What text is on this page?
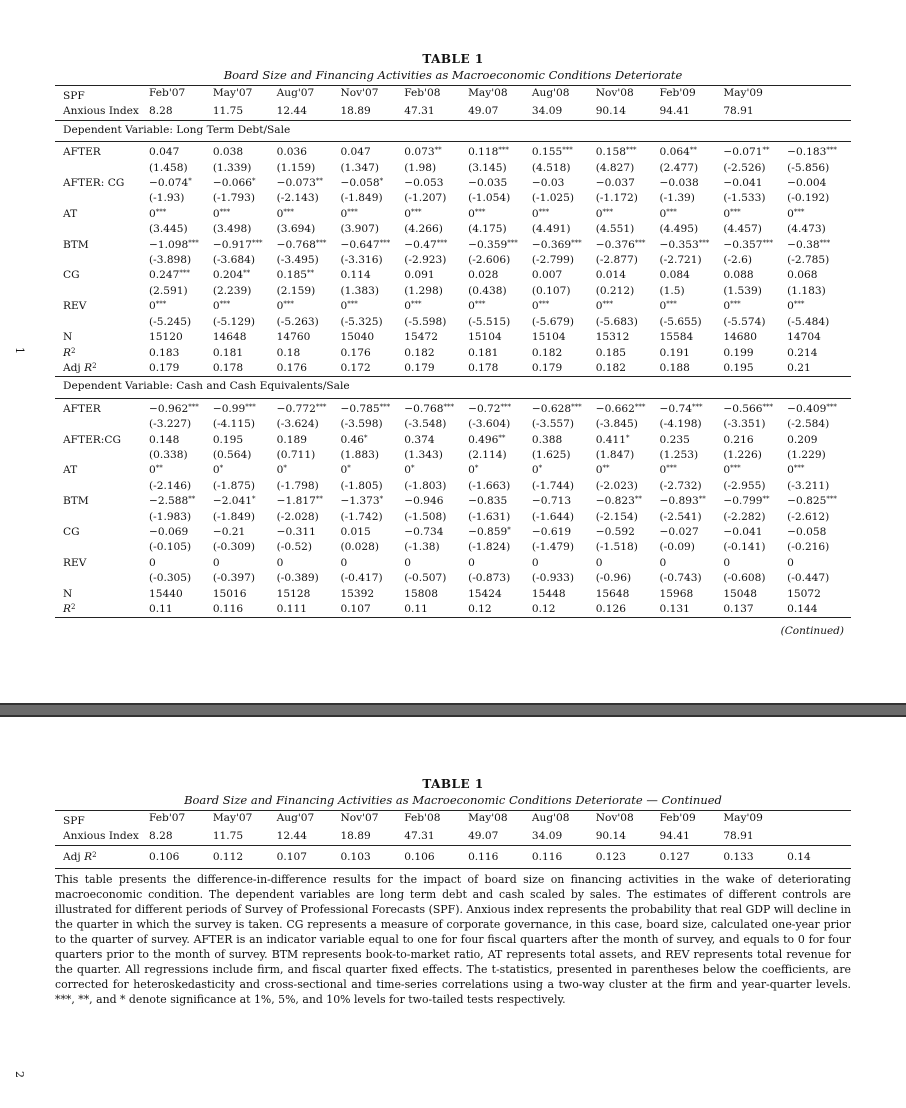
1
TABLE 1
Board Size and Financing Activities as Macroeconomic Conditions Deteriorate
SPF	Feb'07	May'07	Aug'07	Nov'07	Feb'08	May'08	Aug'08	Nov'08	Feb'09	May'09	
Anxious Index	8.28	11.75	12.44	18.89	47.31	49.07	34.09	90.14	94.41	78.91	
Dependent Variable: Long Term Debt/Sale											
AFTER	0.047	0.038	0.036	0.047	0.073**	0.118***	0.155***	0.158***	0.064**	−0.071**	−0.183***
	(1.458)	(1.339)	(1.159)	(1.347)	(1.98)	(3.145)	(4.518)	(4.827)	(2.477)	(-2.526)	(-5.856)
AFTER: CG	−0.074*	−0.066*	−0.073**	−0.058*	−0.053	−0.035	−0.03	−0.037	−0.038	−0.041	−0.004
	(-1.93)	(-1.793)	(-2.143)	(-1.849)	(-1.207)	(-1.054)	(-1.025)	(-1.172)	(-1.39)	(-1.533)	(-0.192)
AT	0***	0***	0***	0***	0***	0***	0***	0***	0***	0***	0***
	(3.445)	(3.498)	(3.694)	(3.907)	(4.266)	(4.175)	(4.491)	(4.551)	(4.495)	(4.457)	(4.473)
BTM	−1.098***	−0.917***	−0.768***	−0.647***	−0.47***	−0.359***	−0.369***	−0.376***	−0.353***	−0.357***	−0.38***
	(-3.898)	(-3.684)	(-3.495)	(-3.316)	(-2.923)	(-2.606)	(-2.799)	(-2.877)	(-2.721)	(-2.6)	(-2.785)
CG	0.247***	0.204**	0.185**	0.114	0.091	0.028	0.007	0.014	0.084	0.088	0.068
	(2.591)	(2.239)	(2.159)	(1.383)	(1.298)	(0.438)	(0.107)	(0.212)	(1.5)	(1.539)	(1.183)
REV	0***	0***	0***	0***	0***	0***	0***	0***	0***	0***	0***
	(-5.245)	(-5.129)	(-5.263)	(-5.325)	(-5.598)	(-5.515)	(-5.679)	(-5.683)	(-5.655)	(-5.574)	(-5.484)
N	15120	14648	14760	15040	15472	15104	15104	15312	15584	14680	14704
$R^2$	0.183	0.181	0.18	0.176	0.182	0.181	0.182	0.185	0.191	0.199	0.214
Adj $R^2$	0.179	0.178	0.176	0.172	0.179	0.178	0.179	0.182	0.188	0.195	0.21
Dependent Variable: Cash and Cash Equivalents/Sale											
AFTER	−0.962***	−0.99***	−0.772***	−0.785***	−0.768***	−0.72***	−0.628***	−0.662***	−0.74***	−0.566***	−0.409***
	(-3.227)	(-4.115)	(-3.624)	(-3.598)	(-3.548)	(-3.604)	(-3.557)	(-3.845)	(-4.198)	(-3.351)	(-2.584)
AFTER:CG	0.148	0.195	0.189	0.46*	0.374	0.496**	0.388	0.411*	0.235	0.216	0.209
	(0.338)	(0.564)	(0.711)	(1.883)	(1.343)	(2.114)	(1.625)	(1.847)	(1.253)	(1.226)	(1.229)
AT	0**	0*	0*	0*	0*	0*	0*	0**	0***	0***	0***
	(-2.146)	(-1.875)	(-1.798)	(-1.805)	(-1.803)	(-1.663)	(-1.744)	(-2.023)	(-2.732)	(-2.955)	(-3.211)
BTM	−2.588**	−2.041*	−1.817**	−1.373*	−0.946	−0.835	−0.713	−0.823**	−0.893**	−0.799**	−0.825***
	(-1.983)	(-1.849)	(-2.028)	(-1.742)	(-1.508)	(-1.631)	(-1.644)	(-2.154)	(-2.541)	(-2.282)	(-2.612)
CG	−0.069	−0.21	−0.311	0.015	−0.734	−0.859*	−0.619	−0.592	−0.027	−0.041	−0.058
	(-0.105)	(-0.309)	(-0.52)	(0.028)	(-1.38)	(-1.824)	(-1.479)	(-1.518)	(-0.09)	(-0.141)	(-0.216)
REV	0	0	0	0	0	0	0	0	0	0	0
	(-0.305)	(-0.397)	(-0.389)	(-0.417)	(-0.507)	(-0.873)	(-0.933)	(-0.96)	(-0.743)	(-0.608)	(-0.447)
N	15440	15016	15128	15392	15808	15424	15448	15648	15968	15048	15072
$R^2$	0.11	0.116	0.111	0.107	0.11	0.12	0.12	0.126	0.131	0.137	0.144
(Continued)
TABLE 1
Board Size and Financing Activities as Macroeconomic Conditions Deteriorate — Continued
SPF	Feb'07	May'07	Aug'07	Nov'07	Feb'08	May'08	Aug'08	Nov'08	Feb'09	May'09	
Anxious Index	8.28	11.75	12.44	18.89	47.31	49.07	34.09	90.14	94.41	78.91	
Adj $R^2$	0.106	0.112	0.107	0.103	0.106	0.116	0.116	0.123	0.127	0.133	0.14
This table presents the difference-in-difference results for the impact of board size on financing activities in the wake of deteriorating macroeconomic condition. The dependent variables are long term debt and cash scaled by sales. The estimates of different controls are illustrated for different periods of Survey of Professional Forecasts (SPF). Anxious index represents the probability that real GDP will decline in the quarter in which the survey is taken. CG represents a measure of corporate governance, in this case, board size, calculated one-year prior to the quarter of survey. AFTER is an indicator variable equal to one for four fiscal quarters after the month of survey, and equals to 0 for four quarters prior to the month of survey. BTM represents book-to-market ratio, AT represents total assets, and REV represents total revenue for the quarter. All regressions include firm, and fiscal quarter fixed effects. The t-statistics, presented in parentheses below the coefficients, are corrected for heteroskedasticity and cross-sectional and time-series correlations using a two-way cluster at the firm and year-quarter levels. ***, **, and * denote significance at 1%, 5%, and 10% levels for two-tailed tests respectively.
2
